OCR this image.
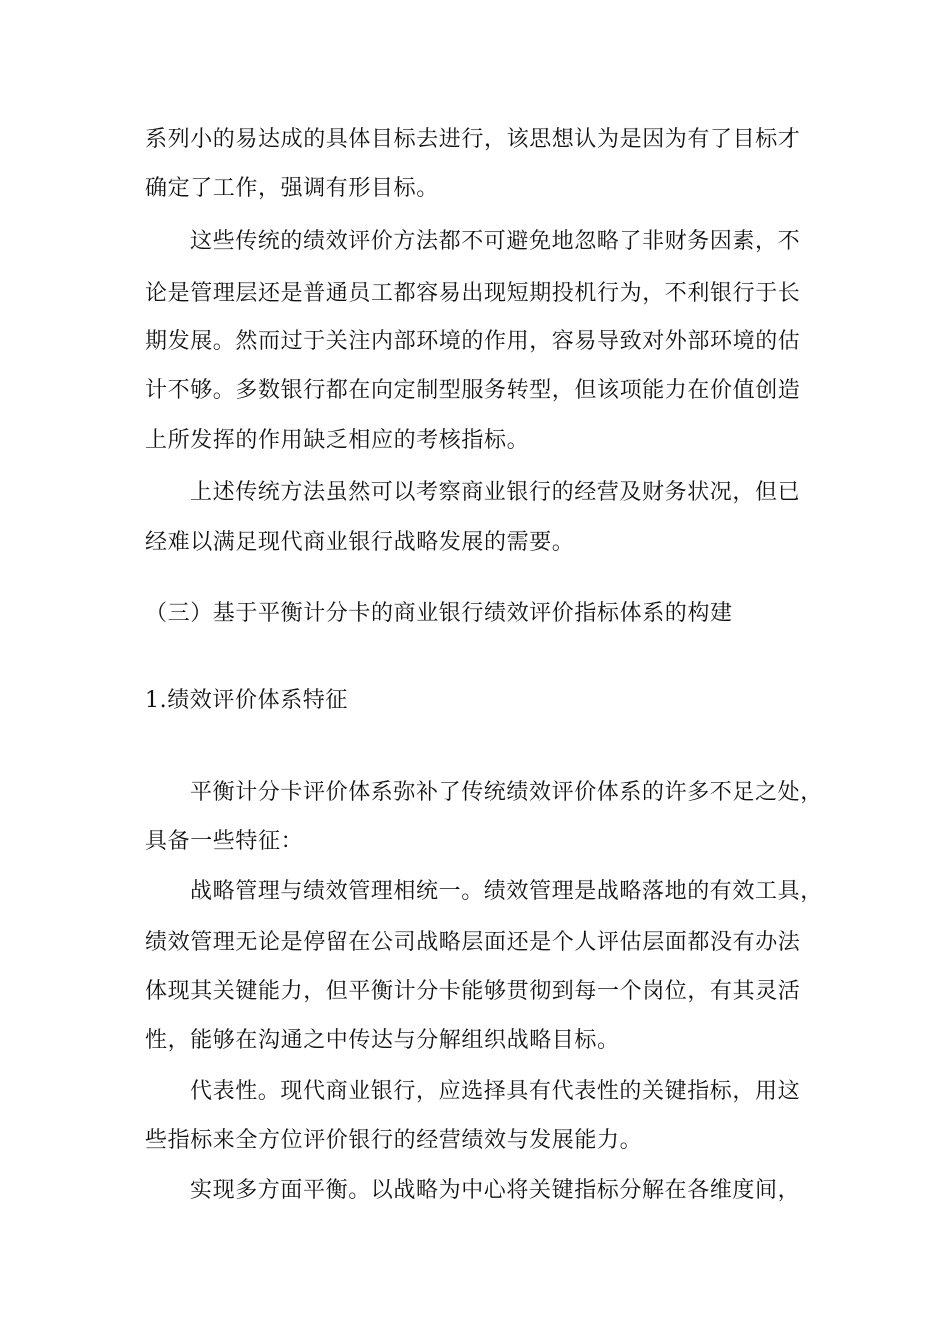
系列小的易达成的具体目标去进行，该思想认为是因为有了目标才
确定了工作，强调有形目标。
这些传统的绩效评价方法都不可避免地忽略了非财务因素，不
论是管理层还是普通员工都容易出现短期投机行为，不利银行于长
期发展。然而过于关注内部环境的作用，容易导致对外部环境的估
计不够。多数银行都在向定制型服务转型，但该项能力在价值创造
上所发挥的作用缺乏相应的考核指标。
上述传统方法虽然可以考察商业银行的经营及财务状况，但已
经难以满足现代商业银行战略发展的需要。
（三）基于平衡计分卡的商业银行绩效评价指标体系的构建
1.绩效评价体系特征
平衡计分卡评价体系弥补了传统绩效评价体系的许多不足之处，
具备一些特征：
战略管理与绩效管理相统一。绩效管理是战略落地的有效工具，
绩效管理无论是停留在公司战略层面还是个人评估层面都没有办法
体现其关键能力，但平衡计分卡能够贯彻到每一个岗位，有其灵活
性，能够在沟通之中传达与分解组织战略目标。
代表性。现代商业银行，应选择具有代表性的关键指标，用这
些指标来全方位评价银行的经营绩效与发展能力。
实现多方面平衡。以战略为中心将关键指标分解在各维度间，
